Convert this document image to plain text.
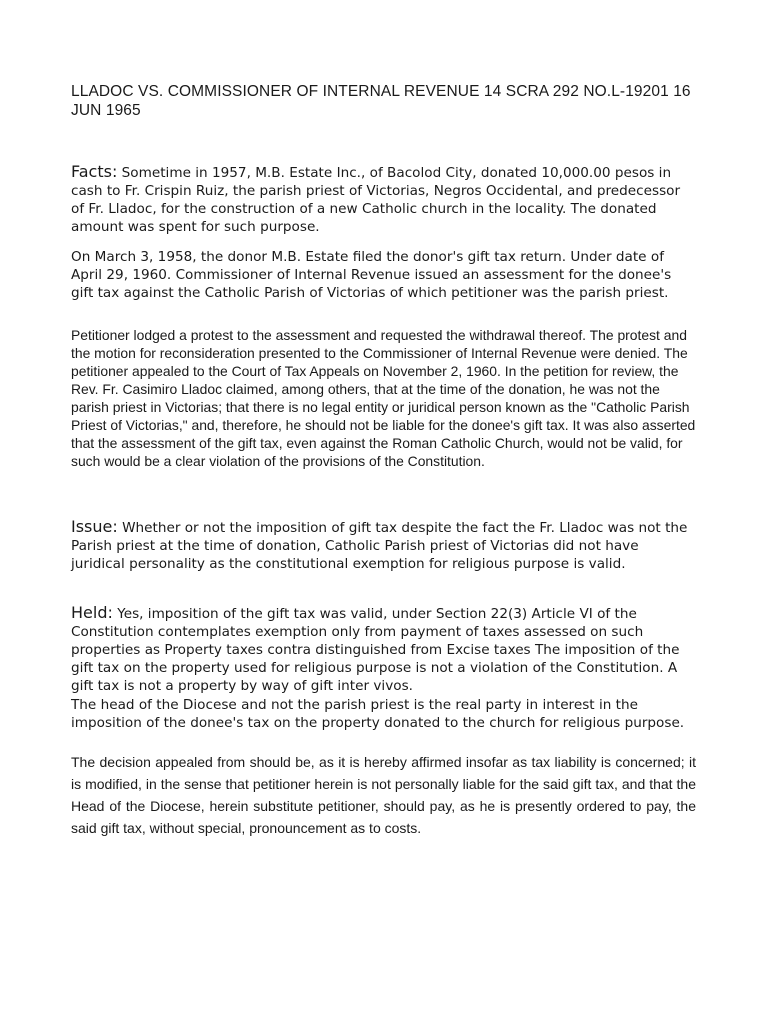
LLADOC VS. COMMISSIONER OF INTERNAL REVENUE 14 SCRA 292 NO.L-19201 16 JUN 1965

Facts: Sometime in 1957, M.B. Estate Inc., of Bacolod City, donated 10,000.00 pesos in cash to Fr. Crispin Ruiz, the parish priest of Victorias, Negros Occidental, and predecessor of Fr. Lladoc, for the construction of a new Catholic church in the locality. The donated amount was spent for such purpose.

On March 3, 1958, the donor M.B. Estate filed the donor's gift tax return. Under date of April 29, 1960. Commissioner of Internal Revenue issued an assessment for the donee's gift tax against the Catholic Parish of Victorias of which petitioner was the parish priest.

Petitioner lodged a protest to the assessment and requested the withdrawal thereof. The protest and the motion for reconsideration presented to the Commissioner of Internal Revenue were denied. The petitioner appealed to the Court of Tax Appeals on November 2, 1960. In the petition for review, the Rev. Fr. Casimiro Lladoc claimed, among others, that at the time of the donation, he was not the parish priest in Victorias; that there is no legal entity or juridical person known as the "Catholic Parish Priest of Victorias," and, therefore, he should not be liable for the donee's gift tax. It was also asserted that the assessment of the gift tax, even against the Roman Catholic Church, would not be valid, for such would be a clear violation of the provisions of the Constitution.

Issue: Whether or not the imposition of gift tax despite the fact the Fr. Lladoc was not the Parish priest at the time of donation, Catholic Parish priest of Victorias did not have juridical personality as the constitutional exemption for religious purpose is valid.

Held: Yes, imposition of the gift tax was valid, under Section 22(3) Article VI of the Constitution contemplates exemption only from payment of taxes assessed on such properties as Property taxes contra distinguished from Excise taxes The imposition of the gift tax on the property used for religious purpose is not a violation of the Constitution. A gift tax is not a property by way of gift inter vivos.

The head of the Diocese and not the parish priest is the real party in interest in the imposition of the donee's tax on the property donated to the church for religious purpose.

The decision appealed from should be, as it is hereby affirmed insofar as tax liability is concerned; it is modified, in the sense that petitioner herein is not personally liable for the said gift tax, and that the Head of the Diocese, herein substitute petitioner, should pay, as he is presently ordered to pay, the said gift tax, without special, pronouncement as to costs.
